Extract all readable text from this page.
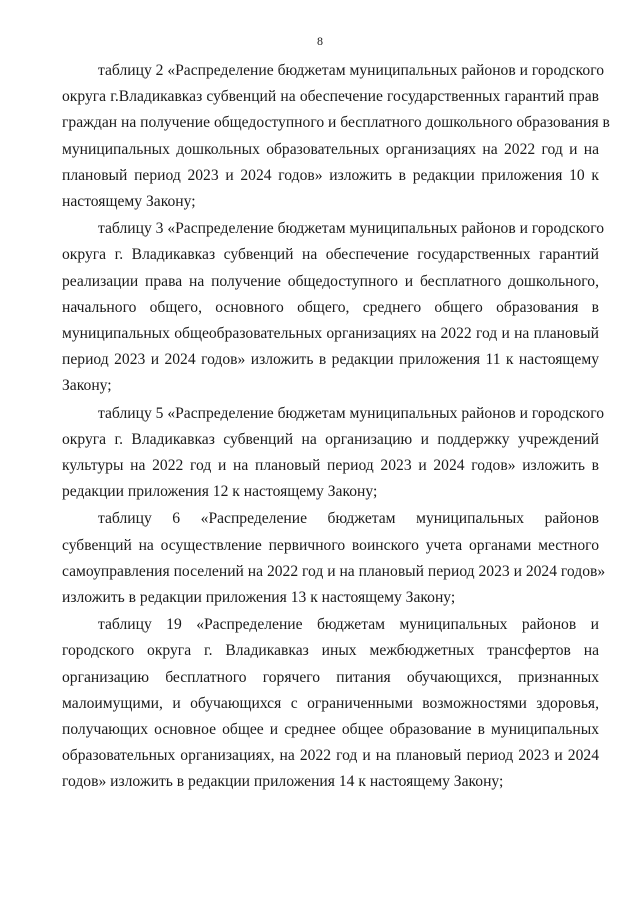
8

таблицу 2 «Распределение бюджетам муниципальных районов и городского
округа г.Владикавказ субвенций на обеспечение государственных гарантий прав
граждан на получение общедоступного и бесплатного дошкольного образования в
муниципальных дошкольных образовательных организациях на 2022 год и на
плановый период 2023 и 2024 годов» изложить в редакции приложения 10 к
настоящему Закону;

таблицу 3 «Распределение бюджетам муниципальных районов и городского
округа г. Владикавказ субвенций на обеспечение государственных гарантий
реализации права на получение общедоступного и бесплатного дошкольного,
начального общего, основного общего, среднего общего образования в
муниципальных общеобразовательных организациях на 2022 год и на плановый
период 2023 и 2024 годов» изложить в редакции приложения 11 к настоящему
Закону;

таблицу 5 «Распределение бюджетам муниципальных районов и городского
округа г. Владикавказ субвенций на организацию и поддержку учреждений
культуры на 2022 год и на плановый период 2023 и 2024 годов» изложить в
редакции приложения 12 к настоящему Закону;

таблицу 6 «Распределение бюджетам муниципальных районов
субвенций на осуществление первичного воинского учета органами местного
самоуправления поселений на 2022 год и на плановый период 2023 и 2024 годов»
изложить в редакции приложения 13 к настоящему Закону;

таблицу 19 «Распределение бюджетам муниципальных районов и
городского округа г. Владикавказ иных межбюджетных трансфертов на
организацию бесплатного горячего питания обучающихся, признанных
малоимущими, и обучающихся с ограниченными возможностями здоровья,
получающих основное общее и среднее общее образование в муниципальных
образовательных организациях, на 2022 год и на плановый период 2023 и 2024
годов» изложить в редакции приложения 14 к настоящему Закону;
